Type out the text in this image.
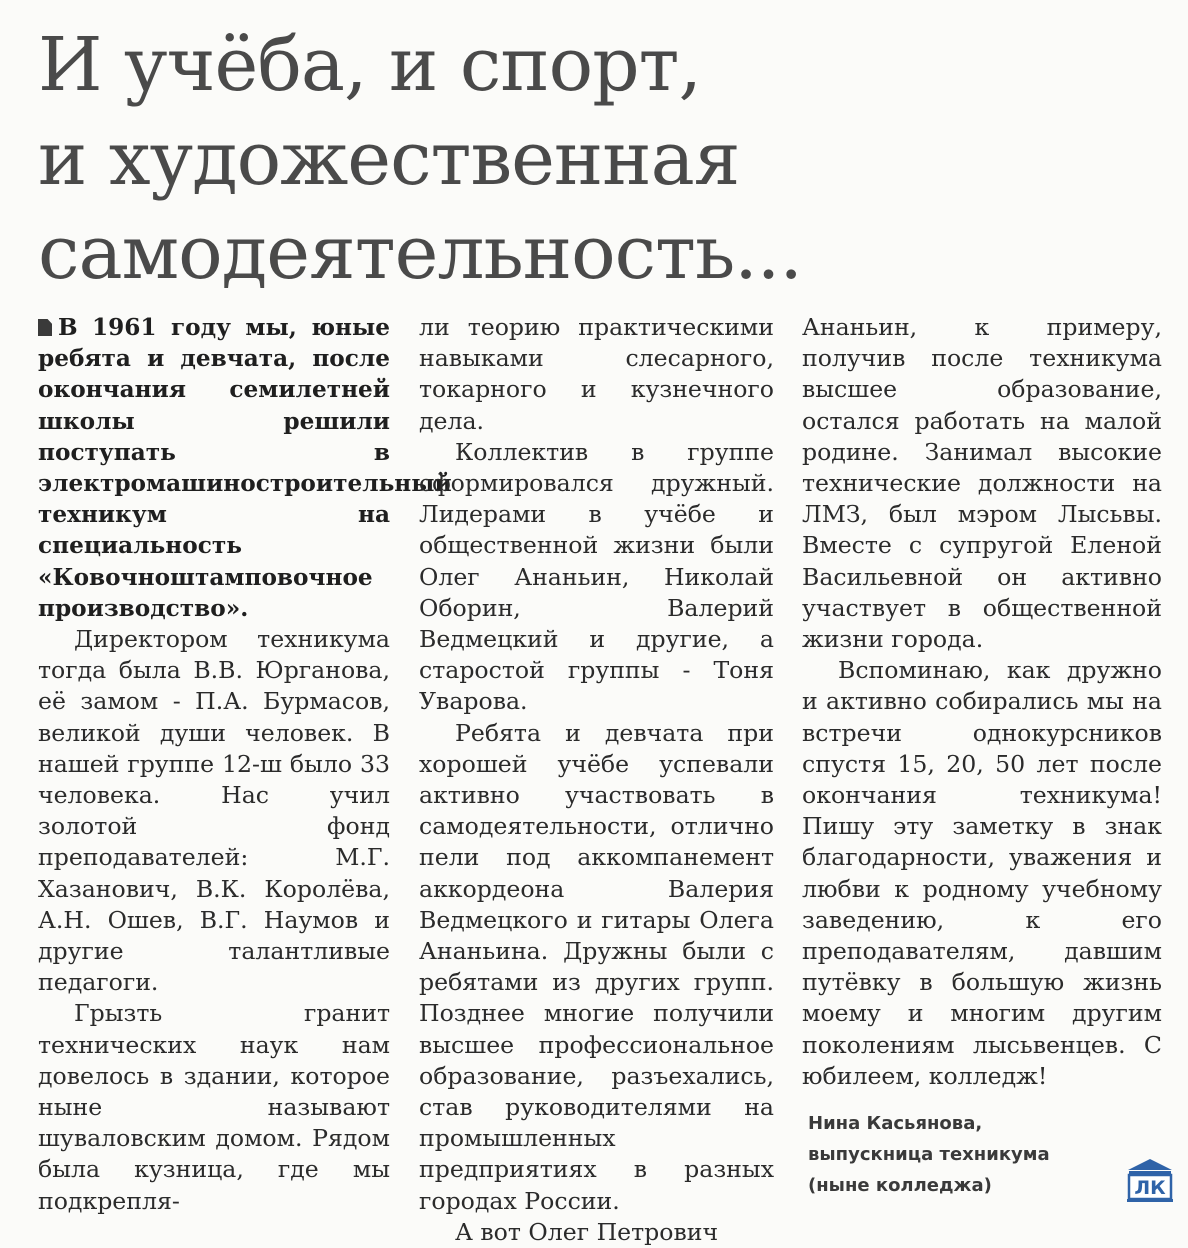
И учёба, и спорт,
и художественная
самодеятельность...

В 1961 году мы, юные ребята и девчата, после окончания семилетней школы решили поступать в электромашиностроительный техникум на специальность «Ковочноштамповочное производство».

Директором техникума тогда была В.В. Юрганова, её замом - П.А. Бурмасов, великой души человек. В нашей группе 12-ш было 33 человека. Нас учил золотой фонд преподавателей: М.Г. Хазанович, В.К. Королёва, А.Н. Ошев, В.Г. Наумов и другие талантливые педагоги.

Грызть гранит технических наук нам довелось в здании, которое ныне называют шуваловским домом. Рядом была кузница, где мы подкрепля-

ли теорию практическими навыками слесарного, токарного и кузнечного дела.

Коллектив в группе сформировался дружный. Лидерами в учёбе и общественной жизни были Олег Ананьин, Николай Оборин, Валерий Ведмецкий и другие, а старостой группы - Тоня Уварова.

Ребята и девчата при хорошей учёбе успевали активно участвовать в самодеятельности, отлично пели под аккомпанемент аккордеона Валерия Ведмецкого и гитары Олега Ананьина. Дружны были с ребятами из других групп. Позднее многие получили высшее профессиональное образование, разъехались, став руководителями на промышленных предприятиях в разных городах России.

А вот Олег Петрович

Ананьин, к примеру, получив после техникума высшее образование, остался работать на малой родине. Занимал высокие технические должности на ЛМЗ, был мэром Лысьвы. Вместе с супругой Еленой Васильевной он активно участвует в общественной жизни города.

Вспоминаю, как дружно и активно собирались мы на встречи однокурсников спустя 15, 20, 50 лет после окончания техникума! Пишу эту заметку в знак благодарности, уважения и любви к родному учебному заведению, к его преподавателям, давшим путёвку в большую жизнь моему и многим другим поколениям лысьвенцев. С юбилеем, колледж!

Нина Касьянова,
выпускница техникума
(ныне колледжа)	ЛК
